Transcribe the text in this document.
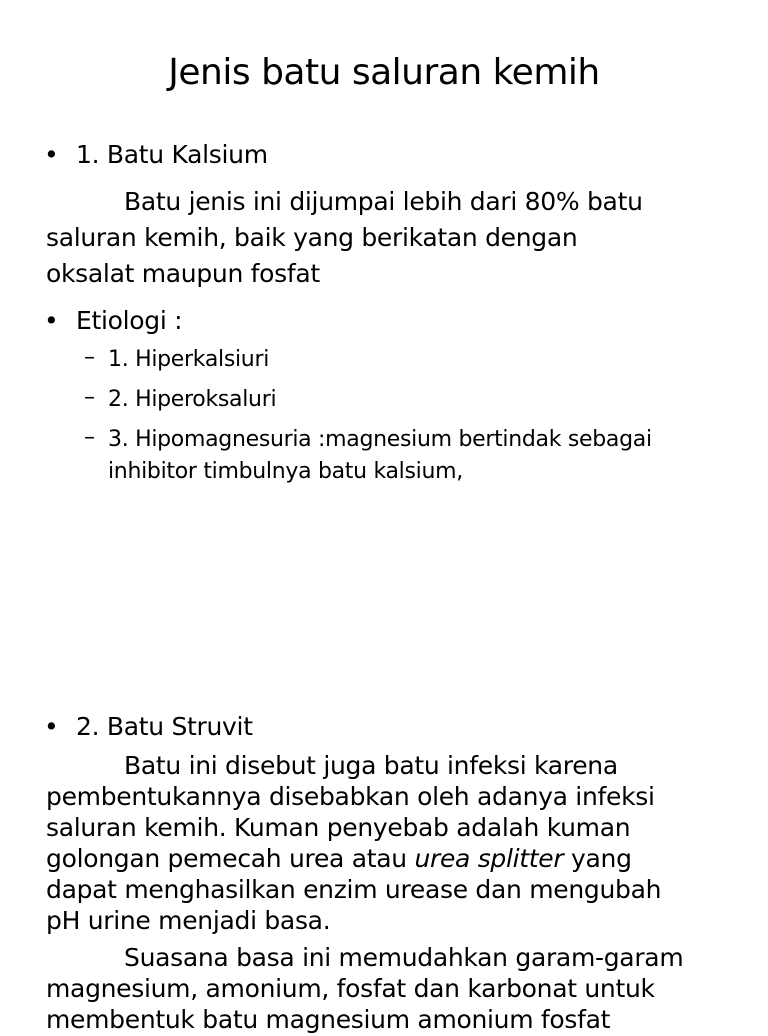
Jenis batu saluran kemih
• 1. Batu Kalsium
Batu jenis ini dijumpai lebih dari 80% batu
saluran kemih, baik yang berikatan dengan
oksalat maupun fosfat
• Etiologi :
– 1. Hiperkalsiuri
– 2. Hiperoksaluri
– 3. Hipomagnesuria :magnesium bertindak sebagai
inhibitor timbulnya batu kalsium,
• 2. Batu Struvit
Batu ini disebut juga batu infeksi karena
pembentukannya disebabkan oleh adanya infeksi
saluran kemih. Kuman penyebab adalah kuman
golongan pemecah urea atau urea splitter yang
dapat menghasilkan enzim urease dan mengubah
pH urine menjadi basa.
Suasana basa ini memudahkan garam-garam
magnesium, amonium, fosfat dan karbonat untuk
membentuk batu magnesium amonium fosfat
